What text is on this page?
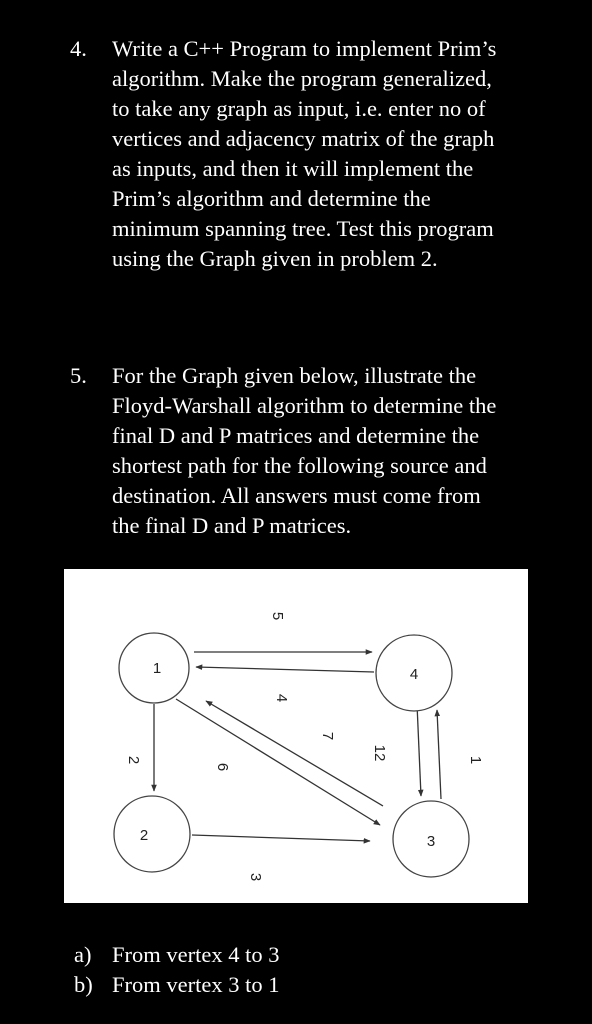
4.	Write a C++ Program to implement Prim’s
algorithm. Make the program generalized,
to take any graph as input, i.e. enter no of
vertices and adjacency matrix of the graph
as inputs, and then it will implement the
Prim’s algorithm and determine the
minimum spanning tree. Test this program
using the Graph given in problem 2.
5.	For the Graph given below, illustrate the
Floyd-Warshall algorithm to determine the
final D and P matrices and determine the
shortest path for the following source and
destination. All answers must come from
the final D and P matrices.
1	4
2	3
5
4
2
7
6
3
12	1
a) From vertex 4 to 3
b) From vertex 3 to 1
